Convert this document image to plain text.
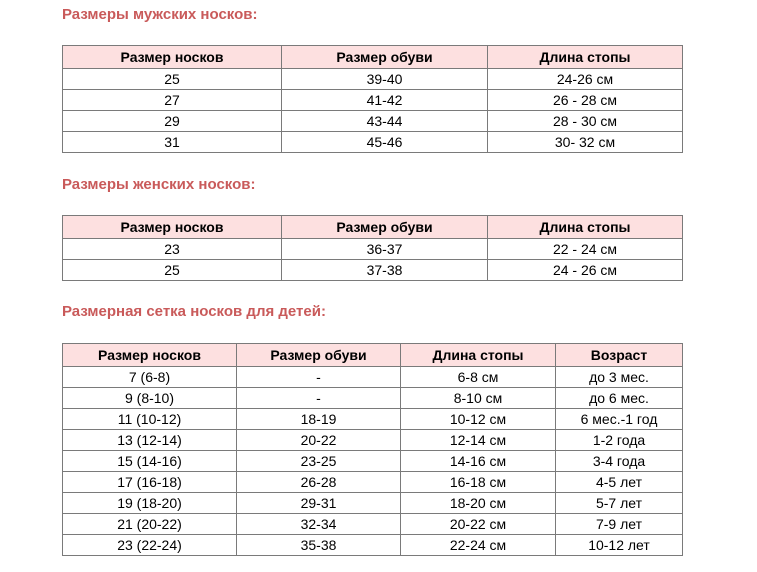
Размеры мужских носков:
Размер носков	Размер обуви	Длина стопы
25	39-40	24-26 см
27	41-42	26 - 28 см
29	43-44	28 - 30 см
31	45-46	30- 32 см
Размеры женских носков:
Размер носков	Размер обуви	Длина стопы
23	36-37	22 - 24 см
25	37-38	24 - 26 см
Размерная сетка носков для детей:
Размер носков	Размер обуви	Длина стопы	Возраст
7 (6-8)	-	6-8 см	до 3 мес.
9 (8-10)	-	8-10 см	до 6 мес.
11 (10-12)	18-19	10-12 см	6 мес.-1 год
13 (12-14)	20-22	12-14 см	1-2 года
15 (14-16)	23-25	14-16 см	3-4 года
17 (16-18)	26-28	16-18 см	4-5 лет
19 (18-20)	29-31	18-20 см	5-7 лет
21 (20-22)	32-34	20-22 см	7-9 лет
23 (22-24)	35-38	22-24 см	10-12 лет
